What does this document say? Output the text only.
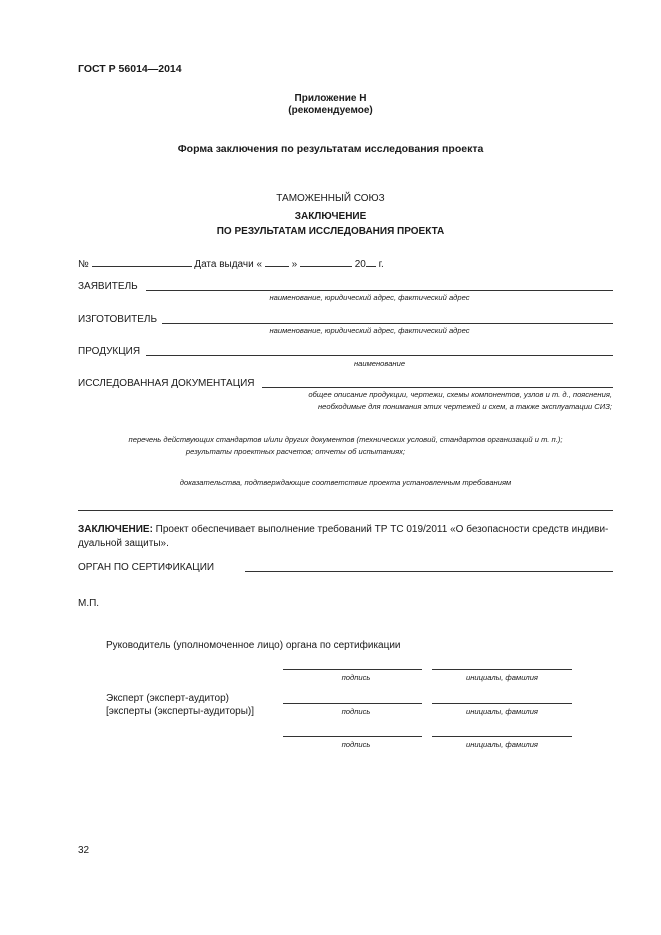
ГОСТ Р 56014—2014
Приложение Н
(рекомендуемое)
Форма заключения по результатам исследования проекта
ТАМОЖЕННЫЙ СОЮЗ
ЗАКЛЮЧЕНИЕ
ПО РЕЗУЛЬТАТАМ ИССЛЕДОВАНИЯ ПРОЕКТА
№	Дата выдачи «	»	20 г.
ЗАЯВИТЕЛЬ
наименование, юридический адрес, фактический адрес
ИЗГОТОВИТЕЛЬ
наименование, юридический адрес, фактический адрес
ПРОДУКЦИЯ
наименование
ИССЛЕДОВАННАЯ ДОКУМЕНТАЦИЯ
общее описание продукции, чертежи, схемы компонентов, узлов и т. д., пояснения,
необходимые для понимания этих чертежей и схем, а также эксплуатации СИЗ;
перечень действующих стандартов и/или других документов (технических условий, стандартов организаций и т. п.);
результаты проектных расчетов; отчеты об испытаниях;
доказательства, подтверждающие соответствие проекта установленным требованиям
ЗАКЛЮЧЕНИЕ: Проект обеспечивает выполнение требований ТР ТС 019/2011 «О безопасности средств индиви-
дуальной защиты».
ОРГАН ПО СЕРТИФИКАЦИИ
М.П.
Руководитель (уполномоченное лицо) органа по сертификации
подпись	инициалы, фамилия
Эксперт (эксперт-аудитор)
[эксперты (эксперты-аудиторы)]	подпись	инициалы, фамилия
подпись	инициалы, фамилия
32
